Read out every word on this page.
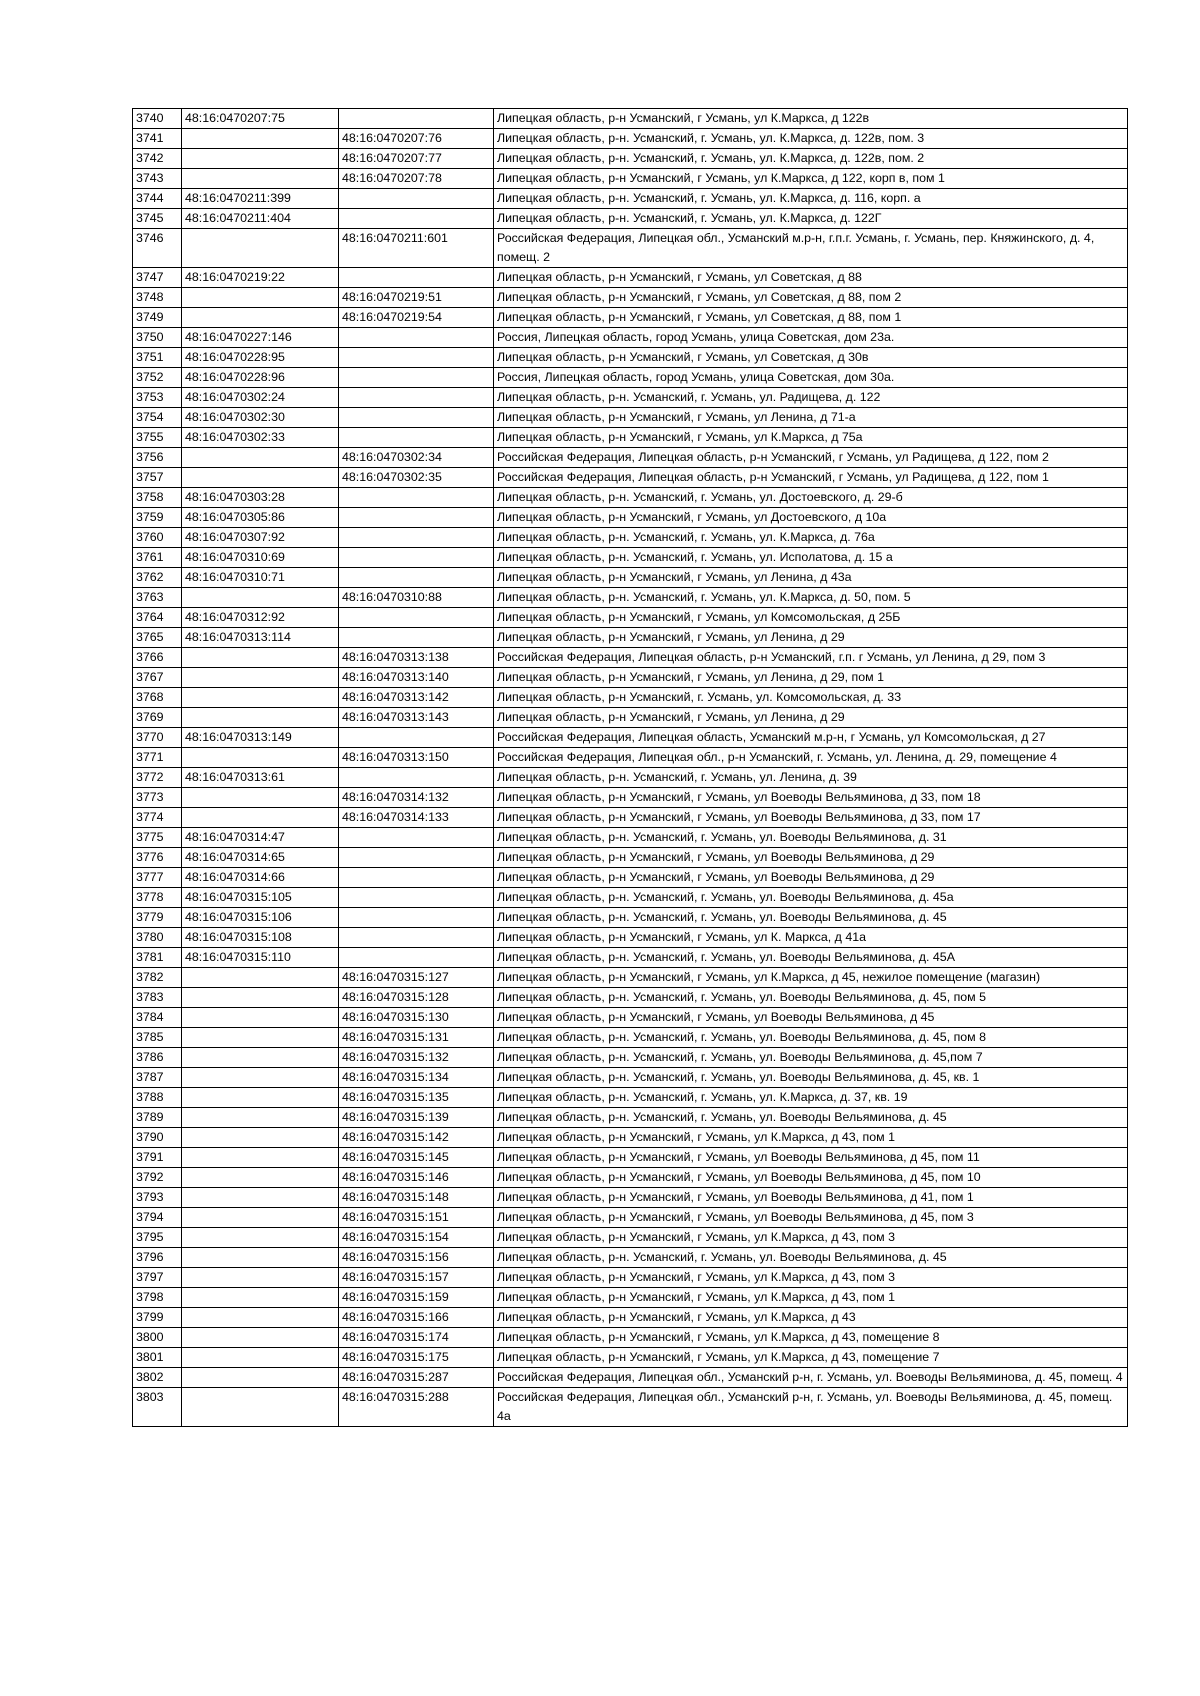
3740	48:16:0470207:75		Липецкая область, р-н Усманский, г Усмань, ул К.Маркса, д 122в
3741		48:16:0470207:76	Липецкая область, р-н. Усманский, г. Усмань, ул. К.Маркса, д. 122в, пом. 3
3742		48:16:0470207:77	Липецкая область, р-н. Усманский, г. Усмань, ул. К.Маркса, д. 122в, пом. 2
3743		48:16:0470207:78	Липецкая область, р-н Усманский, г Усмань, ул К.Маркса, д 122, корп в, пом 1
3744	48:16:0470211:399		Липецкая область, р-н. Усманский, г. Усмань, ул. К.Маркса, д. 116, корп. а
3745	48:16:0470211:404		Липецкая область, р-н. Усманский, г. Усмань, ул. К.Маркса, д. 122Г
3746		48:16:0470211:601	Российская Федерация, Липецкая обл., Усманский м.р-н, г.п.г. Усмань, г. Усмань, пер. Княжинского, д. 4, помещ. 2
3747	48:16:0470219:22		Липецкая область, р-н Усманский, г Усмань, ул Советская, д 88
3748		48:16:0470219:51	Липецкая область, р-н Усманский, г Усмань, ул Советская, д 88, пом 2
3749		48:16:0470219:54	Липецкая область, р-н Усманский, г Усмань, ул Советская, д 88, пом 1
3750	48:16:0470227:146		Россия, Липецкая область, город Усмань, улица Советская, дом 23а.
3751	48:16:0470228:95		Липецкая область, р-н Усманский, г Усмань, ул Советская, д 30в
3752	48:16:0470228:96		Россия, Липецкая область, город Усмань, улица Советская, дом 30а.
3753	48:16:0470302:24		Липецкая область, р-н. Усманский, г. Усмань, ул. Радищева, д. 122
3754	48:16:0470302:30		Липецкая область, р-н Усманский, г Усмань, ул Ленина, д 71-а
3755	48:16:0470302:33		Липецкая область, р-н Усманский, г Усмань, ул К.Маркса, д 75а
3756		48:16:0470302:34	Российская Федерация, Липецкая область, р-н Усманский, г Усмань, ул Радищева, д 122, пом 2
3757		48:16:0470302:35	Российская Федерация, Липецкая область, р-н Усманский, г Усмань, ул Радищева, д 122, пом 1
3758	48:16:0470303:28		Липецкая область, р-н. Усманский, г. Усмань, ул. Достоевского, д. 29-б
3759	48:16:0470305:86		Липецкая область, р-н Усманский, г Усмань, ул Достоевского, д 10а
3760	48:16:0470307:92		Липецкая область, р-н. Усманский, г. Усмань, ул. К.Маркса, д. 76а
3761	48:16:0470310:69		Липецкая область, р-н. Усманский, г. Усмань, ул. Исполатова, д. 15 а
3762	48:16:0470310:71		Липецкая область, р-н Усманский, г Усмань, ул Ленина, д 43а
3763		48:16:0470310:88	Липецкая область, р-н. Усманский, г. Усмань, ул. К.Маркса, д. 50, пом. 5
3764	48:16:0470312:92		Липецкая область, р-н Усманский, г Усмань, ул Комсомольская, д 25Б
3765	48:16:0470313:114		Липецкая область, р-н Усманский, г Усмань, ул Ленина, д 29
3766		48:16:0470313:138	Российская Федерация, Липецкая область, р-н Усманский, г.п. г Усмань, ул Ленина, д 29, пом 3
3767		48:16:0470313:140	Липецкая область, р-н Усманский, г Усмань, ул Ленина, д 29, пом 1
3768		48:16:0470313:142	Липецкая область, р-н Усманский, г. Усмань, ул. Комсомольская, д. 33
3769		48:16:0470313:143	Липецкая область, р-н Усманский, г Усмань, ул Ленина, д 29
3770	48:16:0470313:149		Российская Федерация, Липецкая область, Усманский м.р-н, г Усмань, ул Комсомольская, д 27
3771		48:16:0470313:150	Российская Федерация, Липецкая обл., р-н Усманский, г. Усмань, ул. Ленина, д. 29, помещение 4
3772	48:16:0470313:61		Липецкая область, р-н. Усманский, г. Усмань, ул. Ленина, д. 39
3773		48:16:0470314:132	Липецкая область, р-н Усманский, г Усмань, ул Воеводы Вельяминова, д 33, пом 18
3774		48:16:0470314:133	Липецкая область, р-н Усманский, г Усмань, ул Воеводы Вельяминова, д 33, пом 17
3775	48:16:0470314:47		Липецкая область, р-н. Усманский, г. Усмань, ул. Воеводы Вельяминова, д. 31
3776	48:16:0470314:65		Липецкая область, р-н Усманский, г Усмань, ул Воеводы Вельяминова, д 29
3777	48:16:0470314:66		Липецкая область, р-н Усманский, г Усмань, ул Воеводы Вельяминова, д 29
3778	48:16:0470315:105		Липецкая область, р-н. Усманский, г. Усмань, ул. Воеводы Вельяминова, д. 45а
3779	48:16:0470315:106		Липецкая область, р-н. Усманский, г. Усмань, ул. Воеводы Вельяминова, д. 45
3780	48:16:0470315:108		Липецкая область, р-н Усманский, г Усмань, ул К. Маркса, д 41а
3781	48:16:0470315:110		Липецкая область, р-н. Усманский, г. Усмань, ул. Воеводы Вельяминова, д. 45А
3782		48:16:0470315:127	Липецкая область, р-н Усманский, г Усмань, ул К.Маркса, д 45, нежилое помещение (магазин)
3783		48:16:0470315:128	Липецкая область, р-н. Усманский, г. Усмань, ул. Воеводы Вельяминова, д. 45, пом 5
3784		48:16:0470315:130	Липецкая область, р-н Усманский, г Усмань, ул Воеводы Вельяминова, д 45
3785		48:16:0470315:131	Липецкая область, р-н. Усманский, г. Усмань, ул. Воеводы Вельяминова, д. 45, пом 8
3786		48:16:0470315:132	Липецкая область, р-н. Усманский, г. Усмань, ул. Воеводы Вельяминова, д. 45,пом 7
3787		48:16:0470315:134	Липецкая область, р-н. Усманский, г. Усмань, ул. Воеводы Вельяминова, д. 45, кв. 1
3788		48:16:0470315:135	Липецкая область, р-н. Усманский, г. Усмань, ул. К.Маркса, д. 37, кв. 19
3789		48:16:0470315:139	Липецкая область, р-н. Усманский, г. Усмань, ул. Воеводы Вельяминова, д. 45
3790		48:16:0470315:142	Липецкая область, р-н Усманский, г Усмань, ул К.Маркса, д 43, пом 1
3791		48:16:0470315:145	Липецкая область, р-н Усманский, г Усмань, ул Воеводы Вельяминова, д 45, пом 11
3792		48:16:0470315:146	Липецкая область, р-н Усманский, г Усмань, ул Воеводы Вельяминова, д 45, пом 10
3793		48:16:0470315:148	Липецкая область, р-н Усманский, г Усмань, ул Воеводы Вельяминова, д 41, пом 1
3794		48:16:0470315:151	Липецкая область, р-н Усманский, г Усмань, ул Воеводы Вельяминова, д 45, пом 3
3795		48:16:0470315:154	Липецкая область, р-н Усманский, г Усмань, ул К.Маркса, д 43, пом 3
3796		48:16:0470315:156	Липецкая область, р-н. Усманский, г. Усмань, ул. Воеводы Вельяминова, д. 45
3797		48:16:0470315:157	Липецкая область, р-н Усманский, г Усмань, ул К.Маркса, д 43, пом 3
3798		48:16:0470315:159	Липецкая область, р-н Усманский, г Усмань, ул К.Маркса, д 43, пом 1
3799		48:16:0470315:166	Липецкая область, р-н Усманский, г Усмань, ул К.Маркса, д 43
3800		48:16:0470315:174	Липецкая область, р-н Усманский, г Усмань, ул К.Маркса, д 43, помещение 8
3801		48:16:0470315:175	Липецкая область, р-н Усманский, г Усмань, ул К.Маркса, д 43, помещение 7
3802		48:16:0470315:287	Российская Федерация, Липецкая обл., Усманский р-н, г. Усмань, ул. Воеводы Вельяминова, д. 45, помещ. 4
3803		48:16:0470315:288	Российская Федерация, Липецкая обл., Усманский р-н, г. Усмань, ул. Воеводы Вельяминова, д. 45, помещ. 4а
